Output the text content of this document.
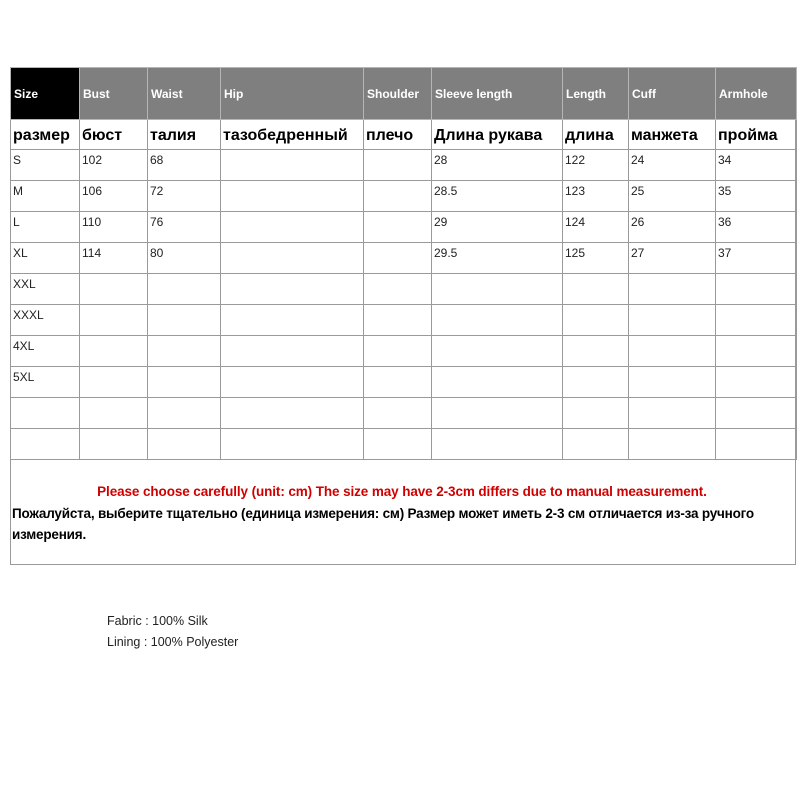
Size	Bust	Waist	Hip	Shoulder	Sleeve length	Length	Cuff	Armhole
размер	бюст	талия	тазобедренный	плечо	Длина рукава	длина	манжета	пройма
S	102	68			28	122	24	34
M	106	72			28.5	123	25	35
L	110	76			29	124	26	36
XL	114	80			29.5	125	27	37
XXL								
XXXL								
4XL								
5XL								

Please choose carefully (unit: cm) The size may have 2-3cm differs due to manual measurement.

Пожалуйста, выберите тщательно (единица измерения: см) Размер может иметь 2-3 см отличается из-за ручного измерения.

Fabric : 100% Silk
Lining : 100% Polyester
